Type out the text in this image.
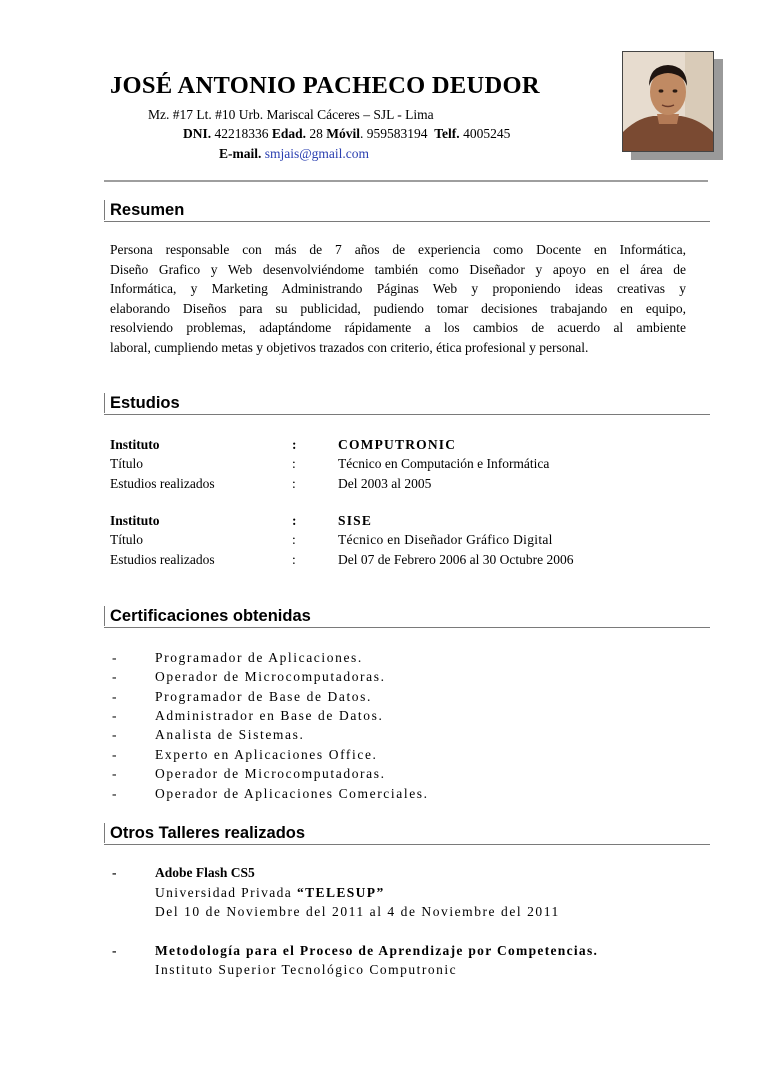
JOSÉ ANTONIO PACHECO DEUDOR
Mz. #17 Lt. #10 Urb. Mariscal Cáceres – SJL - Lima
DNI. 42218336 Edad. 28 Móvil. 959583194 Telf. 4005245
E-mail. smjais@gmail.com
Resumen
Persona responsable con más de 7 años de experiencia como Docente en Informática,
Diseño Grafico y Web desenvolviéndome también como Diseñador y apoyo en el área de
Informática, y Marketing Administrando Páginas Web y proponiendo ideas creativas y
elaborando Diseños para su publicidad, pudiendo tomar decisiones trabajando en equipo,
resolviendo problemas, adaptándome rápidamente a los cambios de acuerdo al ambiente
laboral, cumpliendo metas y objetivos trazados con criterio, ética profesional y personal.
Estudios
Instituto	:	COMPUTRONIC
Título	:	Técnico en Computación e Informática
Estudios realizados	:	Del 2003 al 2005
Instituto	:	SISE
Título	:	Técnico en Diseñador Gráfico Digital
Estudios realizados	:	Del 07 de Febrero 2006 al 30 Octubre 2006
Certificaciones obtenidas
-	Programador de Aplicaciones.
-	Operador de Microcomputadoras.
-	Programador de Base de Datos.
-	Administrador en Base de Datos.
-	Analista de Sistemas.
-	Experto en Aplicaciones Office.
-	Operador de Microcomputadoras.
-	Operador de Aplicaciones Comerciales.
Otros Talleres realizados
-	Adobe Flash CS5
Universidad Privada “TELESUP”
Del 10 de Noviembre del 2011 al 4 de Noviembre del 2011
-	Metodología para el Proceso de Aprendizaje por Competencias.
Instituto Superior Tecnológico Computronic
